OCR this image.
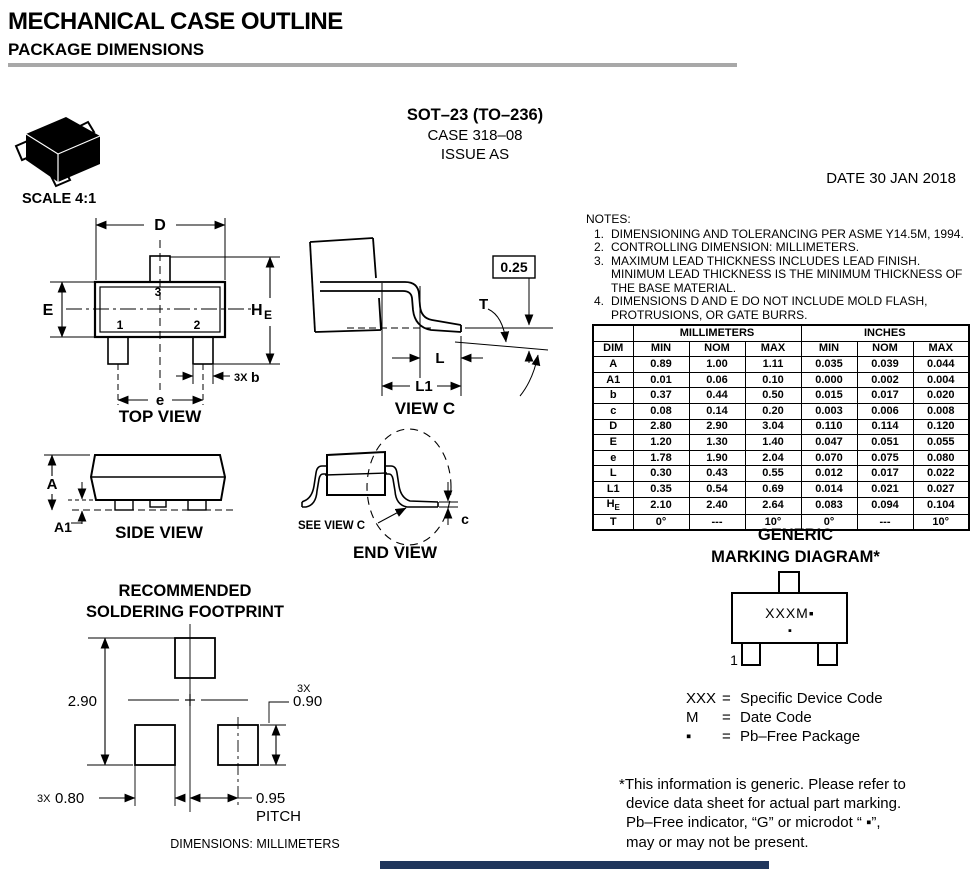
MECHANICAL CASE OUTLINE
PACKAGE DIMENSIONS
SCALE 4:1
SOT–23 (TO–236)
CASE 318–08
ISSUE AS
DATE 30 JAN 2018
NOTES:
1. DIMENSIONING AND TOLERANCING PER ASME Y14.5M, 1994.
2. CONTROLLING DIMENSION: MILLIMETERS.
3. MAXIMUM LEAD THICKNESS INCLUDES LEAD FINISH. MINIMUM LEAD THICKNESS IS THE MINIMUM THICKNESS OF THE BASE MATERIAL.
4. DIMENSIONS D AND E DO NOT INCLUDE MOLD FLASH, PROTRUSIONS, OR GATE BURRS.
	MILLIMETERS			INCHES		
DIM	MIN	NOM	MAX	MIN	NOM	MAX
A	0.89	1.00	1.11	0.035	0.039	0.044
A1	0.01	0.06	0.10	0.000	0.002	0.004
b	0.37	0.44	0.50	0.015	0.017	0.020
c	0.08	0.14	0.20	0.003	0.006	0.008
D	2.80	2.90	3.04	0.110	0.114	0.120
E	1.20	1.30	1.40	0.047	0.051	0.055
e	1.78	1.90	2.04	0.070	0.075	0.080
L	0.30	0.43	0.55	0.012	0.017	0.022
L1	0.35	0.54	0.69	0.014	0.021	0.027
$H_E$	2.10	2.40	2.64	0.083	0.094	0.104
T	0°	---	10°	0°	---	10°
D
E	H E
3
1	2
3X b
e
TOP VIEW
0.25
T
L
L1
VIEW C
A
A1	SIDE VIEW
c
SEE VIEW C
END VIEW
RECOMMENDED
SOLDERING FOOTPRINT
2.90
3X
0.90
3X 0.80	0.95
PITCH
DIMENSIONS: MILLIMETERS
GENERIC
MARKING DIAGRAM*
XXXM▪
▪
1
XXX = Specific Device Code
M	= Date Code
▪	= Pb–Free Package
*This information is generic. Please refer to
device data sheet for actual part marking.
Pb–Free indicator, “G” or microdot “ ▪”,
may or may not be present.
